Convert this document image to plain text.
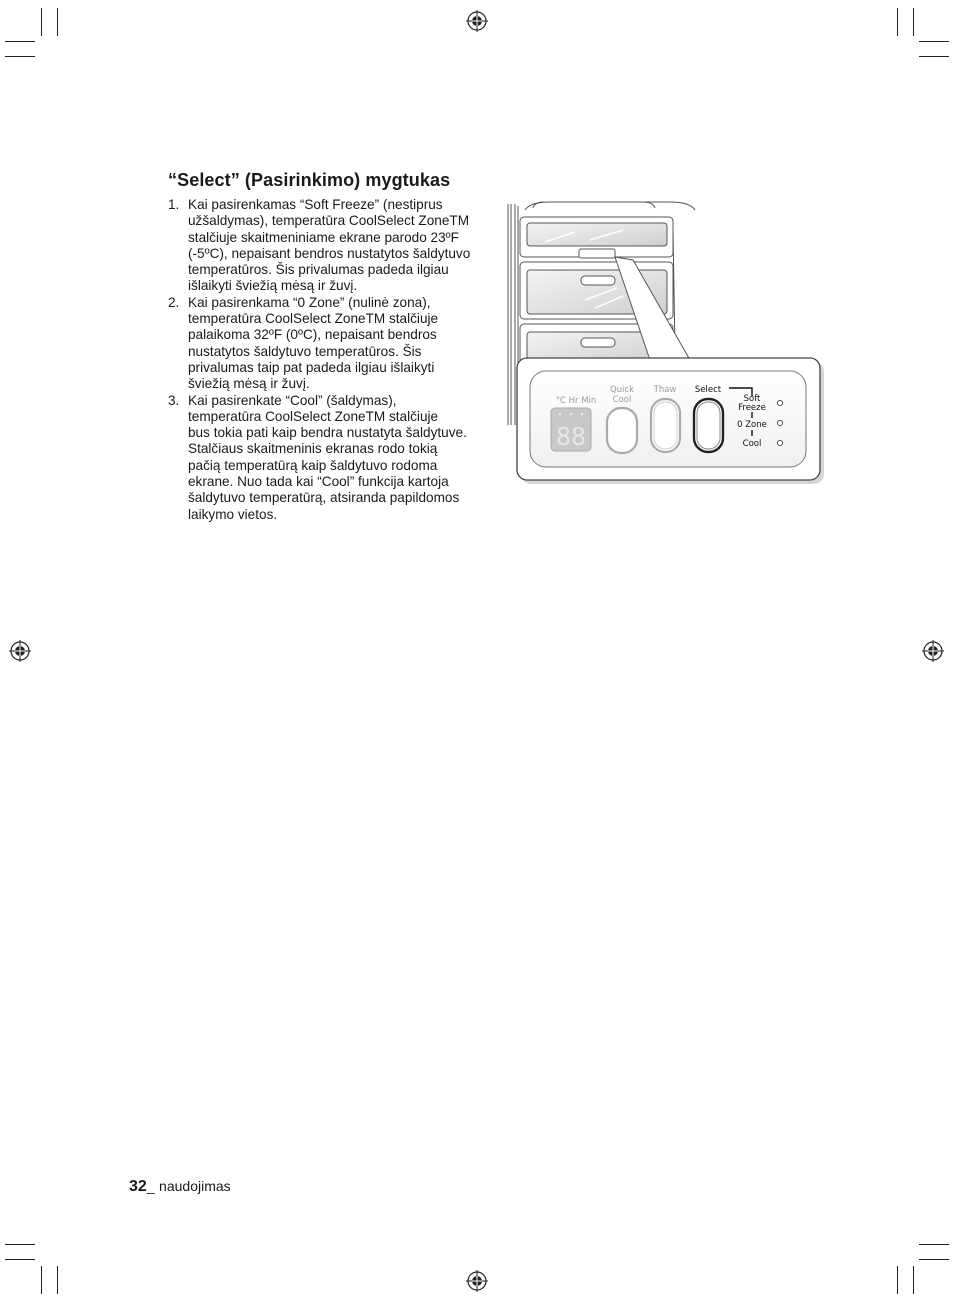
“Select” (Pasirinkimo) mygtukas
1. Kai pasirenkamas “Soft Freeze” (nestiprus
užšaldymas), temperatūra CoolSelect ZoneTM
stalčiuje skaitmeniniame ekrane parodo 23ºF
(-5ºC), nepaisant bendros nustatytos šaldytuvo
temperatūros. Šis privalumas padeda ilgiau
išlaikyti šviežią mėsą ir žuvį.
2. Kai pasirenkama “0 Zone” (nulinė zona),
temperatūra CoolSelect ZoneTM stalčiuje
palaikoma 32ºF (0ºC), nepaisant bendros
nustatytos šaldytuvo temperatūros. Šis
privalumas taip pat padeda ilgiau išlaikyti
šviežią mėsą ir žuvį.
3. Kai pasirenkate “Cool” (šaldymas),
temperatūra CoolSelect ZoneTM stalčiuje
bus tokia pati kaip bendra nustatyta šaldytuve.
Stalčiaus skaitmeninis ekranas rodo tokią
pačią temperatūrą kaip šaldytuvo rodoma
ekrane. Nuo tada kai “Cool” funkcija kartoja
šaldytuvo temperatūrą, atsiranda papildomos
laikymo vietos.
°C Hr Min
88
Quick
Cool
Thaw Select
Soft
Freeze
0 Zone
Cool
32_ naudojimas
